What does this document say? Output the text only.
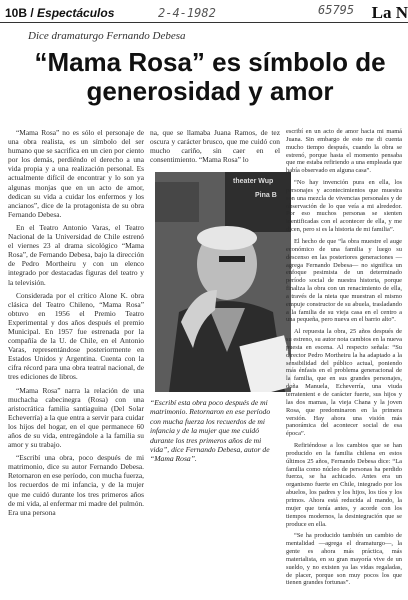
10B / Espectáculos	2-4-1982	65795 La N
Dice dramaturgo Fernando Debesa
“Mama Rosa” es símbolo de generosidad y amor

“Mama Rosa” no es sólo el personaje de una obra realista, es un símbolo del ser humano que se sacrifica en un cien por ciento por los demás, perdiéndo el derecho a una vida propia y a una realización personal. Es actualmente difícil de encontrar y lo son ya algunas monjas que en un acto de amor, dedican su vida a cuidar los enfermos y los ancianos”, dice de la protagonista de su obra Fernando Debesa.

En el Teatro Antonio Varas, el Teatro Nacional de la Universidad de Chile estrenó el viernes 23 al drama sicológico “Mama Rosa”, de Fernando Debesa, bajo la dirección de Pedro Mortheiru y con un elenco integrado por destacadas figuras del teatro y la televisión.

Considerada por el crítico Alone K. obra clásica del Teatro Chileno, “Mama Rosa” obtuvo en 1956 el Premio Teatro Experimental y dos años después el premio Municipal. En 1957 fue estrenada por la compañía de la U. de Chile, en el Antonio Varas, representándose posteriormente en Estados Unidos y Argentina. Cuenta con la cifra récord para una obra teatral nacional, de tres ediciones de libros.

“Mama Rosa” narra la relación de una muchacha cabecinegra (Rosa) con una aristocrática familia santiaguina (Del Solar Echeverría) a la que entra a servir para cuidar los hijos del hogar, en el que permanece 60 años de su vida, entregándole a la familia su amor y su trabajo.

“Escribí una obra, poco después de mi matrimonio, dice su autor Fernando Debesa. Retornaron en ese período, con mucha fuerza, los recuerdos de mi infancia, y de la mujer que me cuidó durante los tres primeros años de mi vida, al enfermar mi madre del pulmón. Era una persona

na, que se llamaba Juana Ramos, de tez oscura y carácter brusco, que me cuidó con mucho cariño, sin caer en el consentimiento. “Mama Rosa” lo

theater Wup
Pina B
“Escribí esta obra poco después de mi matrimonio. Retornaron en ese período con mucha fuerza los recuerdos de mi infancia y de la mujer que me cuidó durante los tres primeros años de mi vida”, dice Fernando Debesa, autor de “Mama Rosa”.

escribí en un acto de amor hacia mi mamá Juana. Sin embargo de esto me di cuenta mucho tiempo después, cuando la obra se estrenó, porque hasta el momento pensaba que me estaba refiriendo a una empleada que había observado en alguna casa”.

“No hay invención pura en ella, los personajes y acontecimientos que muestra son una mezcla de vivencias personales y de observación de lo que veía a mi alrededor. Por eso muchos personas se sienten identificadas con el acontecer de ella, y me dicen, pero si es la historia de mi familia”.

El hecho de que “la obra muestre el auge económico de una familia y luego su descenso en las posteriores generaciones —agrega Fernando Debesa— no significa un enfoque pesimista de un determinado período social de nuestra historia, porque finaliza la obra con un renacimiento de ella, a través de la nieta que muestran el mismo empuje constructor de su abuela, trasladando a la familia de su vieja casa en el centro a una pequeña, pero nueva en el barrio alto”.

Al repuesta la obra, 25 años después de su estreno, su autor nota cambios en la nueva puesta en escena. Al respecto señala: “Su director Pedro Mortheiru la ha adaptado a la sensibilidad del público actual, poniendo más énfasis en el problema generacional de la familia, que en sus grandes personajes, doña Manuela, Echeverría, una viuda terratenient e de carácter fuerte, sus hijos y las dos mamas, la vieja Chana y la joven Rosa, que predominaron en la primera versión. Hay ahora una visión más panorámica del acontecer social de esa época”.

Refiriéndose a los cambios que se han producido en la familia chilena en estos últimos 25 años, Fernando Debesa dice: “La familia como núcleo de personas ha perdido fuerza, se ha achicado. Antes era un organismo fuerte en Chile, integrado por los abuelos, los padres y los hijos, los tíos y los primos. Ahora está reducida al mando, la mujer que tenía antes, y acorde con los tiempos modernos, la desintegración que se produce en ella.

“Se ha producido también un cambio de mentalidad —agrega el dramaturgo—, la gente es ahora más práctica, más materialista, en su gran mayoría vive de un sueldo, y no existen ya las vidas regaladas, de placer, porque son muy pocos los que tienen grandes fortunas”.
